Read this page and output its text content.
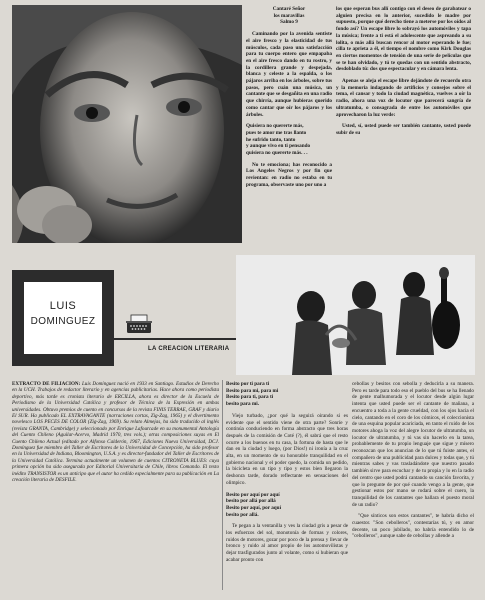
Cantaré Señor

los maravillas

Salmo 9

Caminando por la avenida sentiste el aire fresco y la elasticidad de tus músculos, cada paso una satisfacción para tu cuerpo entero que empapaba en el aire fresco dando en tu rostro, y la cordillera grande y despejada, blanca y celeste a la espalda, o los pájaros arriba en los árboles, sobre tus pasos, pero cuán una música, un cantante que se desgañita en una radio que chirría, aunque hubieras querido como cantar que oír los pájaros y los árboles.

Quisiera no quererte más,

pues te amor me tras llanto

he sufrido tanto, tanto

y aunque vivo en ti pensando

quisiera no quererte más. . .

No te emociona; has reconocido a Los Angeles Negros y por fin que revientan: en radio no estaba en tu programa, observaste uno por uno a

los que esperan bus allí contigo con el deseo de garabatear o alguien precisa en lo anterior, sucedido le madre por supuesto, porque qué derecho tiene a meterse por los oídos al fondo así? Un escape libre lo sobrayó los automóviles y tapa la música; frente a ti está el adolescente que aspreando a su lolita, o más allá buscan rencor al motor esperando le fue; cilla te aprieta a él, el tiempo el nombre como Kirk Douglas en ciertos momentos de tensión de una serie de películas que se te han olvidado, y tú te quedas con un sentido abstracto, desdoblado tú: dos que espectacular y en cámara lenta.

Apenas se aleja el escape libre dejándote de recuerdo otra y la memoria indagando de artificios y consejos sobre el tema, el cansar y todo la ciudad magnética, vuelves a oír la radio, ahora una voz de locutor que parecerá sangría de ultratumba, o consagrada de entre los automóviles que aprovecharon la luz verde:

Usted, sí, usted puede ser también cantante, usted puede subir de su

LUIS
DOMINGUEZ
LA CREACION LITERARIA

EXTRACTO DE FILIACION: Luis Domínguez nació en 1933 en Santiago. Estudios de Derecho en la UCH. Trabajos de redactor literario y en agencias publicitarias. Hace ahora como periodista deportivo, más tarde es cronista literario de ERCILLA, ahora es director de la Escuela de Periodismo de la Universidad Católica y profesor de Técnica de la Expresión en ambas universidades. Obtuvo premios de cuento en concursos de la revista FINIS TERRAE, GRAF y diario El SUR. Ha publicado EL EXTRAVAGANTE (narraciones cortas, Zig-Zag, 1965) y el divertimento novelesco LOS PECES DE COLOR (Zig-Zag, 1969). Su relato Almejas, ha sido traducido al inglés (revista GRANTA, Cambridge) y seleccionado por Enrique Lafourcade en su monumental Antología del Cuento Chileno (Aguilar-Acervo, Madrid 1970, tres vols.); otras composiciones suyas en El Cuento Chileno Actual (editado por Alfonso Calderón, 1967, Ediciones Nueva Universidad, DCJ. Domínguez fue miembro del Taller de Escritores de la Universidad de Concepción, ha sido profesor en la Universidad de Indiana, Bloomington, U.S.A. y es director-fundador del Taller de Escritores de la Universidad Católica. Termina actualmente un volumen de cuentos CITRONETA BLUES: cuya primera opción ha sido asegurada por Editorial Universitaria de Chile, libros Comando. El texto inédito TRANSISTOR es un anticipo que el autor ha cedido especialmente para su publicación en La creación literaria de DESFILE.

Besito por ti para ti

Besito para mi, para mi

Besito para ti, para ti

besito para mi.

Viejo turbado, ¿por qué la seguirá oirando si es evidente que el sentido viene de otra parte? Sonríe y continúa conduciendo en forma abstracto que tres horas después de la comisión de Coté (?), él sabrá que el resto ocurre a los buenos en tu casa, la fortuna de hasta que le dan en la ciudad y luego, (por Dios!) ni ironía a la cruz alta, en un momento de su honorable tranquilidad en el gobierno nacional y el poder quedo, la comida un pedido, la bicicleta en un tipo y tipo y estos bien llegaron la deshonra tarde, dorado reflectante en sensaciones del olimpico.

Besito por aquí por aquí

besito por allá por allá

Besito por aquí, por aquí

besito por allá.

Te pegan a la ventanilla y ves la ciudad gris a pesar de los esfuerzos del sol, monotonía de formas y colores, ruidos de motores, gozar por poco de la prensa y llevar de bronco y ruido al amor propio de los automovilistas y dejar trasfigurados junto al volante, como si hubieran que acabar pronto con

cebollas y besitos con sebolla y deducirla a su manera. Pero es tarde para todo eso el pueblo del bus se ha llenado de gente malhumorada y el locutor desde algún lugar intenta que usted puede ser el cantante de mañana, a encuentro a toda a la gente crueldad, con los ojos hacia el cielo, cantando en el coro de los cómicos, el coleccionista de una esquina popular acariciada, en tanto el ruido de los motores ahoga la voz del alegre locutor de ultratumba, un locutor de ultratumba, y tú vas sin hacerlo en la tarea, probablemente de tu propio lenguaje que sigue y mísero reconozcan que los anuncian de lo que tú fuiste antes, el compañero de una publicidad para dulces y todas que, y tú mientras sabes y vas trasladándote que nuestro pasado también sirve para escuchar y de tu propia y lo en la radio del centro que usted podrá cantando su canción favorita, y que lo pregunte de por qué cuando vengo a la gente, que gestionar estos por mano se rodará sobre el cuero, la tranquilidad de los cantantes que hallara el puesto moral de un radio?

"Que sínticos son estos cantantes", te habría dicho el cuaestor. "Son cebolleros", contestarías tú, y en amor decente, un poco jubilado, no habría entendido lo de "cebolleros", aunque sabe de cebollas y allende a
